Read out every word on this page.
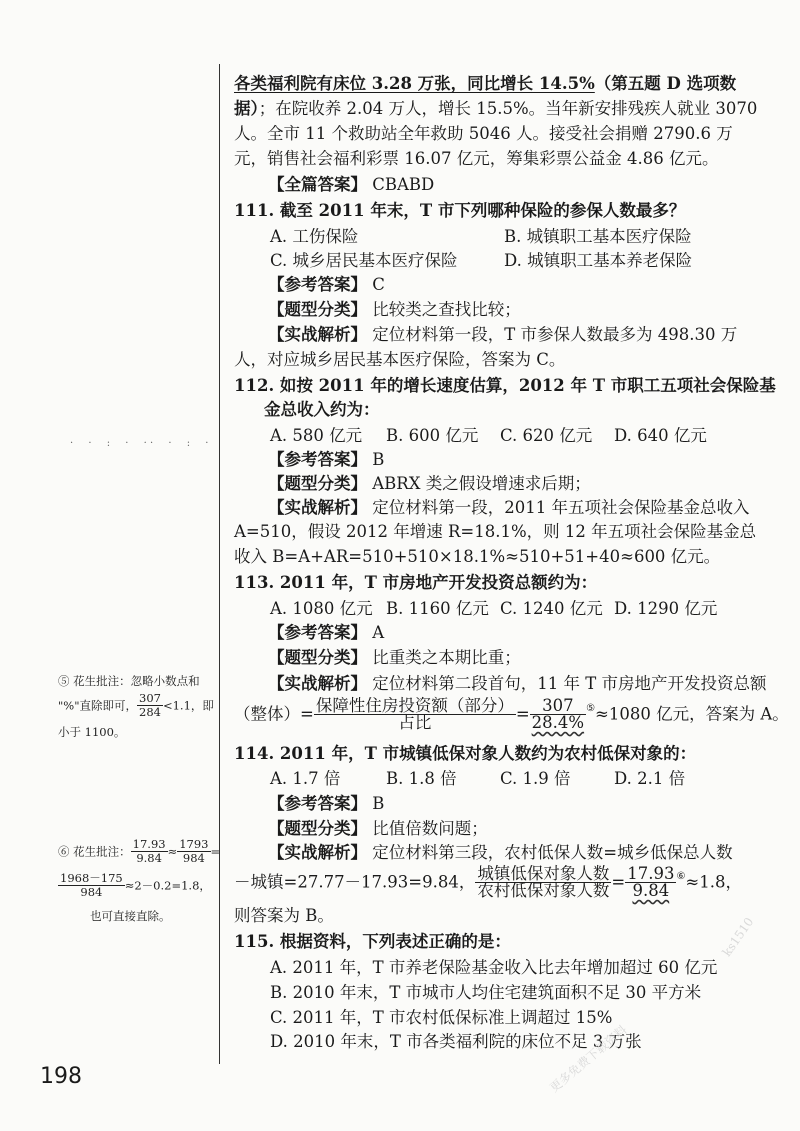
· · : · ·
· · : ·
各类福利院有床位 3.28 万张，同比增长 14.5%（第五题 D 选项数
据）；在院收养 2.04 万人，增长 15.5%。当年新安排残疾人就业 3070
人。全市 11 个救助站全年救助 5046 人。接受社会捐赠 2790.6 万
元，销售社会福利彩票 16.07 亿元，筹集彩票公益金 4.86 亿元。
【全篇答案】 CBABD
111. 截至 2011 年末，T 市下列哪种保险的参保人数最多？
A. 工伤保险	B. 城镇职工基本医疗保险
C. 城乡居民基本医疗保险	D. 城镇职工基本养老保险
【参考答案】 C
【题型分类】 比较类之查找比较；
【实战解析】 定位材料第一段，T 市参保人数最多为 498.30 万
人，对应城乡居民基本医疗保险，答案为 C。
112. 如按 2011 年的增长速度估算，2012 年 T 市职工五项社会保险基
金总收入约为：
A. 580 亿元 B. 600 亿元 C. 620 亿元 D. 640 亿元
【参考答案】 B
【题型分类】 ABRX 类之假设增速求后期；
【实战解析】 定位材料第一段，2011 年五项社会保险基金总收入
A=510，假设 2012 年增速 R=18.1%，则 12 年五项社会保险基金总
收入 B=A+AR=510+510×18.1%≈510+51+40≈600 亿元。
113. 2011 年，T 市房地产开发投资总额约为：
A. 1080 亿元 B. 1160 亿元 C. 1240 亿元 D. 1290 亿元
【参考答案】 A
【题型分类】 比重类之本期比重；
【实战解析】 定位材料第二段首句，11 年 T 市房地产开发投资总额
（整体）= $\frac{\text{保障性住房投资额（部分）}}{\text{占比}} = \frac{307}{28.4\%} ^⑤\approx 1080$ 亿元，答案为 A。
114. 2011 年，T 市城镇低保对象人数约为农村低保对象的：
A. 1.7 倍	B. 1.8 倍	C. 1.9 倍	D. 2.1 倍
【参考答案】 B
【题型分类】 比值倍数问题；
【实战解析】 定位材料第三段，农村低保人数=城乡低保总人数
－城镇=27.77－17.93=9.84， $\frac{\text{城镇低保对象人数}}{\text{农村低保对象人数}} = \frac{17.93}{9.84} ^⑥\approx 1.8$，
则答案为 B。
115. 根据资料，下列表述正确的是：
A. 2011 年，T 市养老保险基金收入比去年增加超过 60 亿元
B. 2010 年末，T 市城市人均住宅建筑面积不足 30 平方米
C. 2011 年，T 市农村低保标准上调超过 15%
D. 2010 年末，T 市各类福利院的床位不足 3 万张
⑤ 花生批注：忽略小数点和
"%"直除即可， $\frac{307}{284} <1.1$，即
小于 1100。
⑥ 花生批注： $\frac{17.93}{9.84} \approx \frac{1793}{984}$ =
$\frac{1968-175}{984} \approx 2-0.2=1.8$，
也可直接直除。
198
ks1510
更多免费下载资料
